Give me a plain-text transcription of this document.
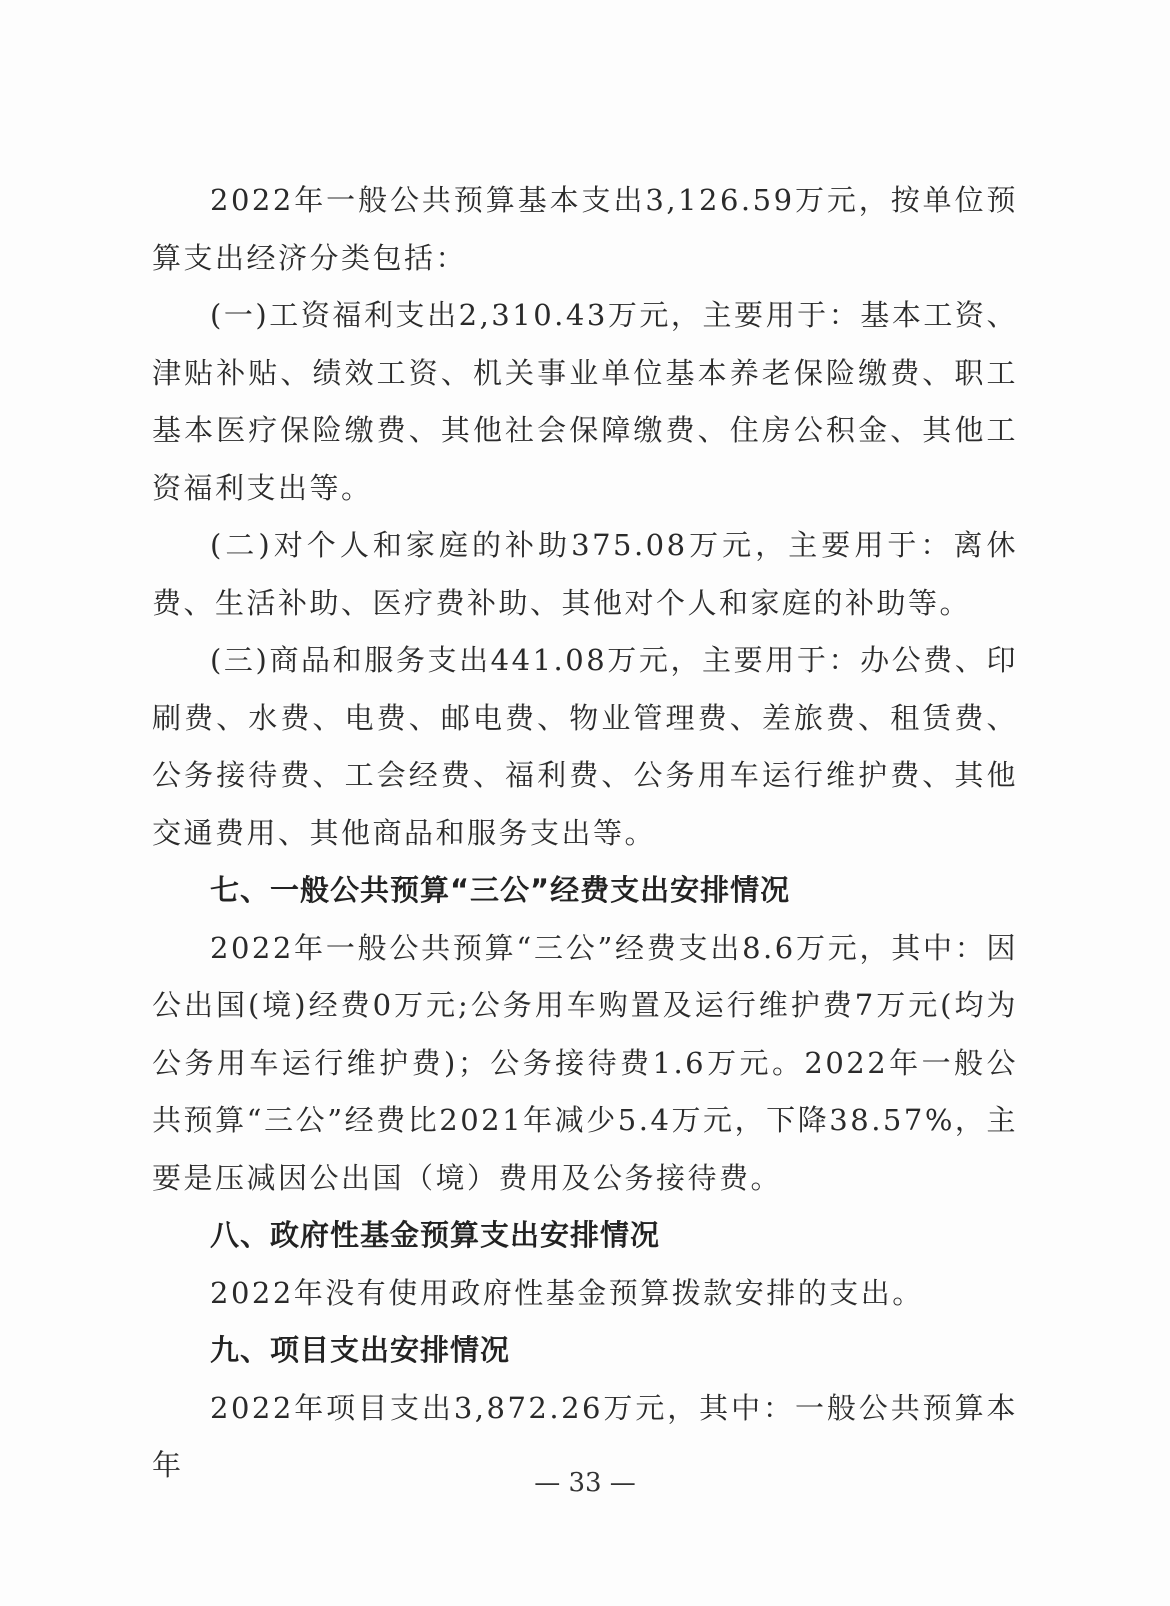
2022年一般公共预算基本支出3,126.59万元，按单位预算支出经济分类包括：

(一)工资福利支出2,310.43万元，主要用于：基本工资、津贴补贴、绩效工资、机关事业单位基本养老保险缴费、职工基本医疗保险缴费、其他社会保障缴费、住房公积金、其他工资福利支出等。

(二)对个人和家庭的补助375.08万元，主要用于：离休费、生活补助、医疗费补助、其他对个人和家庭的补助等。

(三)商品和服务支出441.08万元，主要用于：办公费、印刷费、水费、电费、邮电费、物业管理费、差旅费、租赁费、公务接待费、工会经费、福利费、公务用车运行维护费、其他交通费用、其他商品和服务支出等。

七、一般公共预算“三公”经费支出安排情况

2022年一般公共预算“三公”经费支出8.6万元，其中：因公出国(境)经费0万元;公务用车购置及运行维护费7万元(均为公务用车运行维护费)；公务接待费1.6万元。2022年一般公共预算“三公”经费比2021年减少5.4万元，下降38.57%，主要是压减因公出国（境）费用及公务接待费。

八、政府性基金预算支出安排情况

2022年没有使用政府性基金预算拨款安排的支出。

九、项目支出安排情况

2022年项目支出3,872.26万元，其中：一般公共预算本年

— 33 —
